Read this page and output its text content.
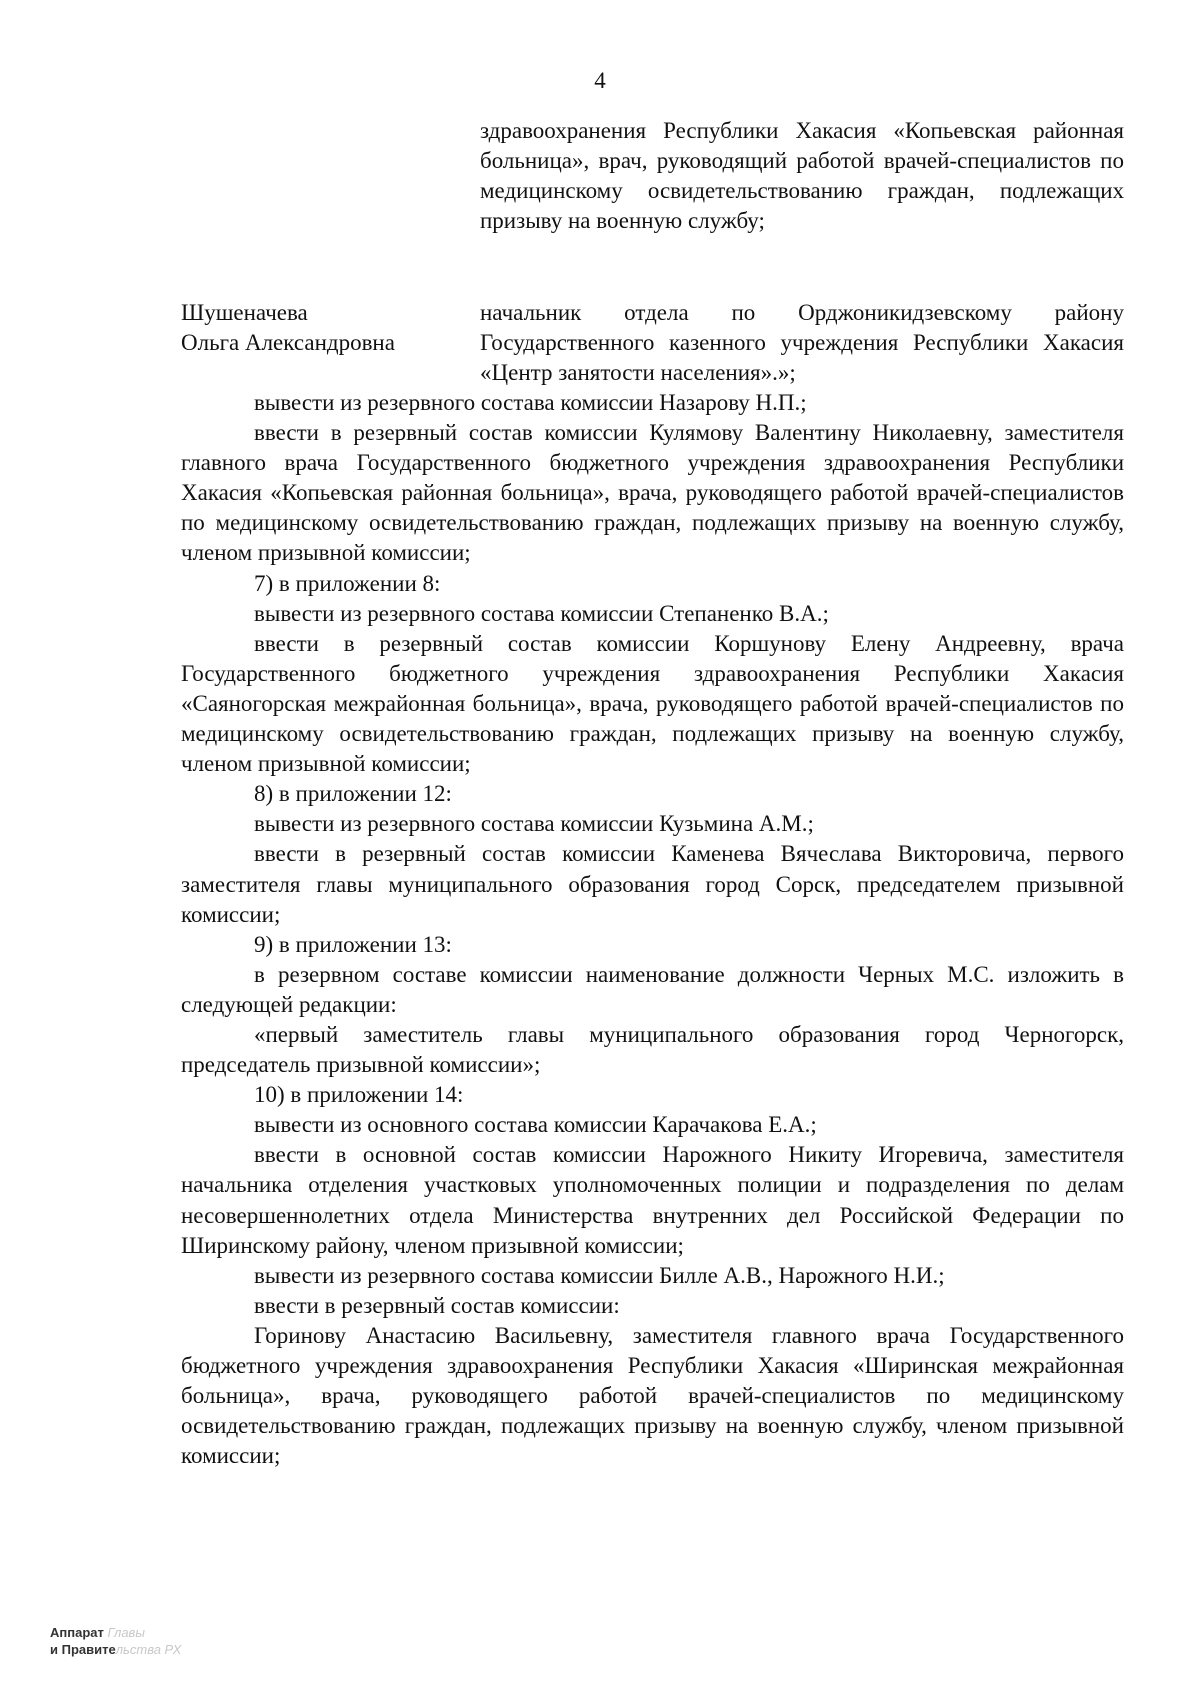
4
здравоохранения Республики Хакасия «Копьевская районная больница», врач, руководящий работой врачей-специалистов по медицинскому освидетельствованию граждан, подлежащих призыву на военную службу;
Шушеначева
Ольга Александровна
начальник отдела по Орджоникидзевскому району Государственного казенного учреждения Республики Хакасия «Центр занятости населения».»;

вывести из резервного состава комиссии Назарову Н.П.;

ввести в резервный состав комиссии Кулямову Валентину Николаевну, заместителя главного врача Государственного бюджетного учреждения здравоохранения Республики Хакасия «Копьевская районная больница», врача, руководящего работой врачей-специалистов по медицинскому освидетельствованию граждан, подлежащих призыву на военную службу, членом призывной комиссии;

7) в приложении 8:

вывести из резервного состава комиссии Степаненко В.А.;

ввести в резервный состав комиссии Коршунову Елену Андреевну, врача Государственного бюджетного учреждения здравоохранения Республики Хакасия «Саяногорская межрайонная больница», врача, руководящего работой врачей-специалистов по медицинскому освидетельствованию граждан, подлежащих призыву на военную службу, членом призывной комиссии;

8) в приложении 12:

вывести из резервного состава комиссии Кузьмина А.М.;

ввести в резервный состав комиссии Каменева Вячеслава Викторовича, первого заместителя главы муниципального образования город Сорск, председателем призывной комиссии;

9) в приложении 13:

в резервном составе комиссии наименование должности Черных М.С. изложить в следующей редакции:

«первый заместитель главы муниципального образования город Черногорск, председатель призывной комиссии»;

10) в приложении 14:

вывести из основного состава комиссии Карачакова Е.А.;

ввести в основной состав комиссии Нарожного Никиту Игоревича, заместителя начальника отделения участковых уполномоченных полиции и подразделения по делам несовершеннолетних отдела Министерства внутренних дел Российской Федерации по Ширинскому району, членом призывной комиссии;

вывести из резервного состава комиссии Билле А.В., Нарожного Н.И.;

ввести в резервный состав комиссии:

Горинову Анастасию Васильевну, заместителя главного врача Государственного бюджетного учреждения здравоохранения Республики Хакасия «Ширинская межрайонная больница», врача, руководящего работой врачей-специалистов по медицинскому освидетельствованию граждан, подлежащих призыву на военную службу, членом призывной комиссии;

Аппарат Главы
и Правительства РХ
